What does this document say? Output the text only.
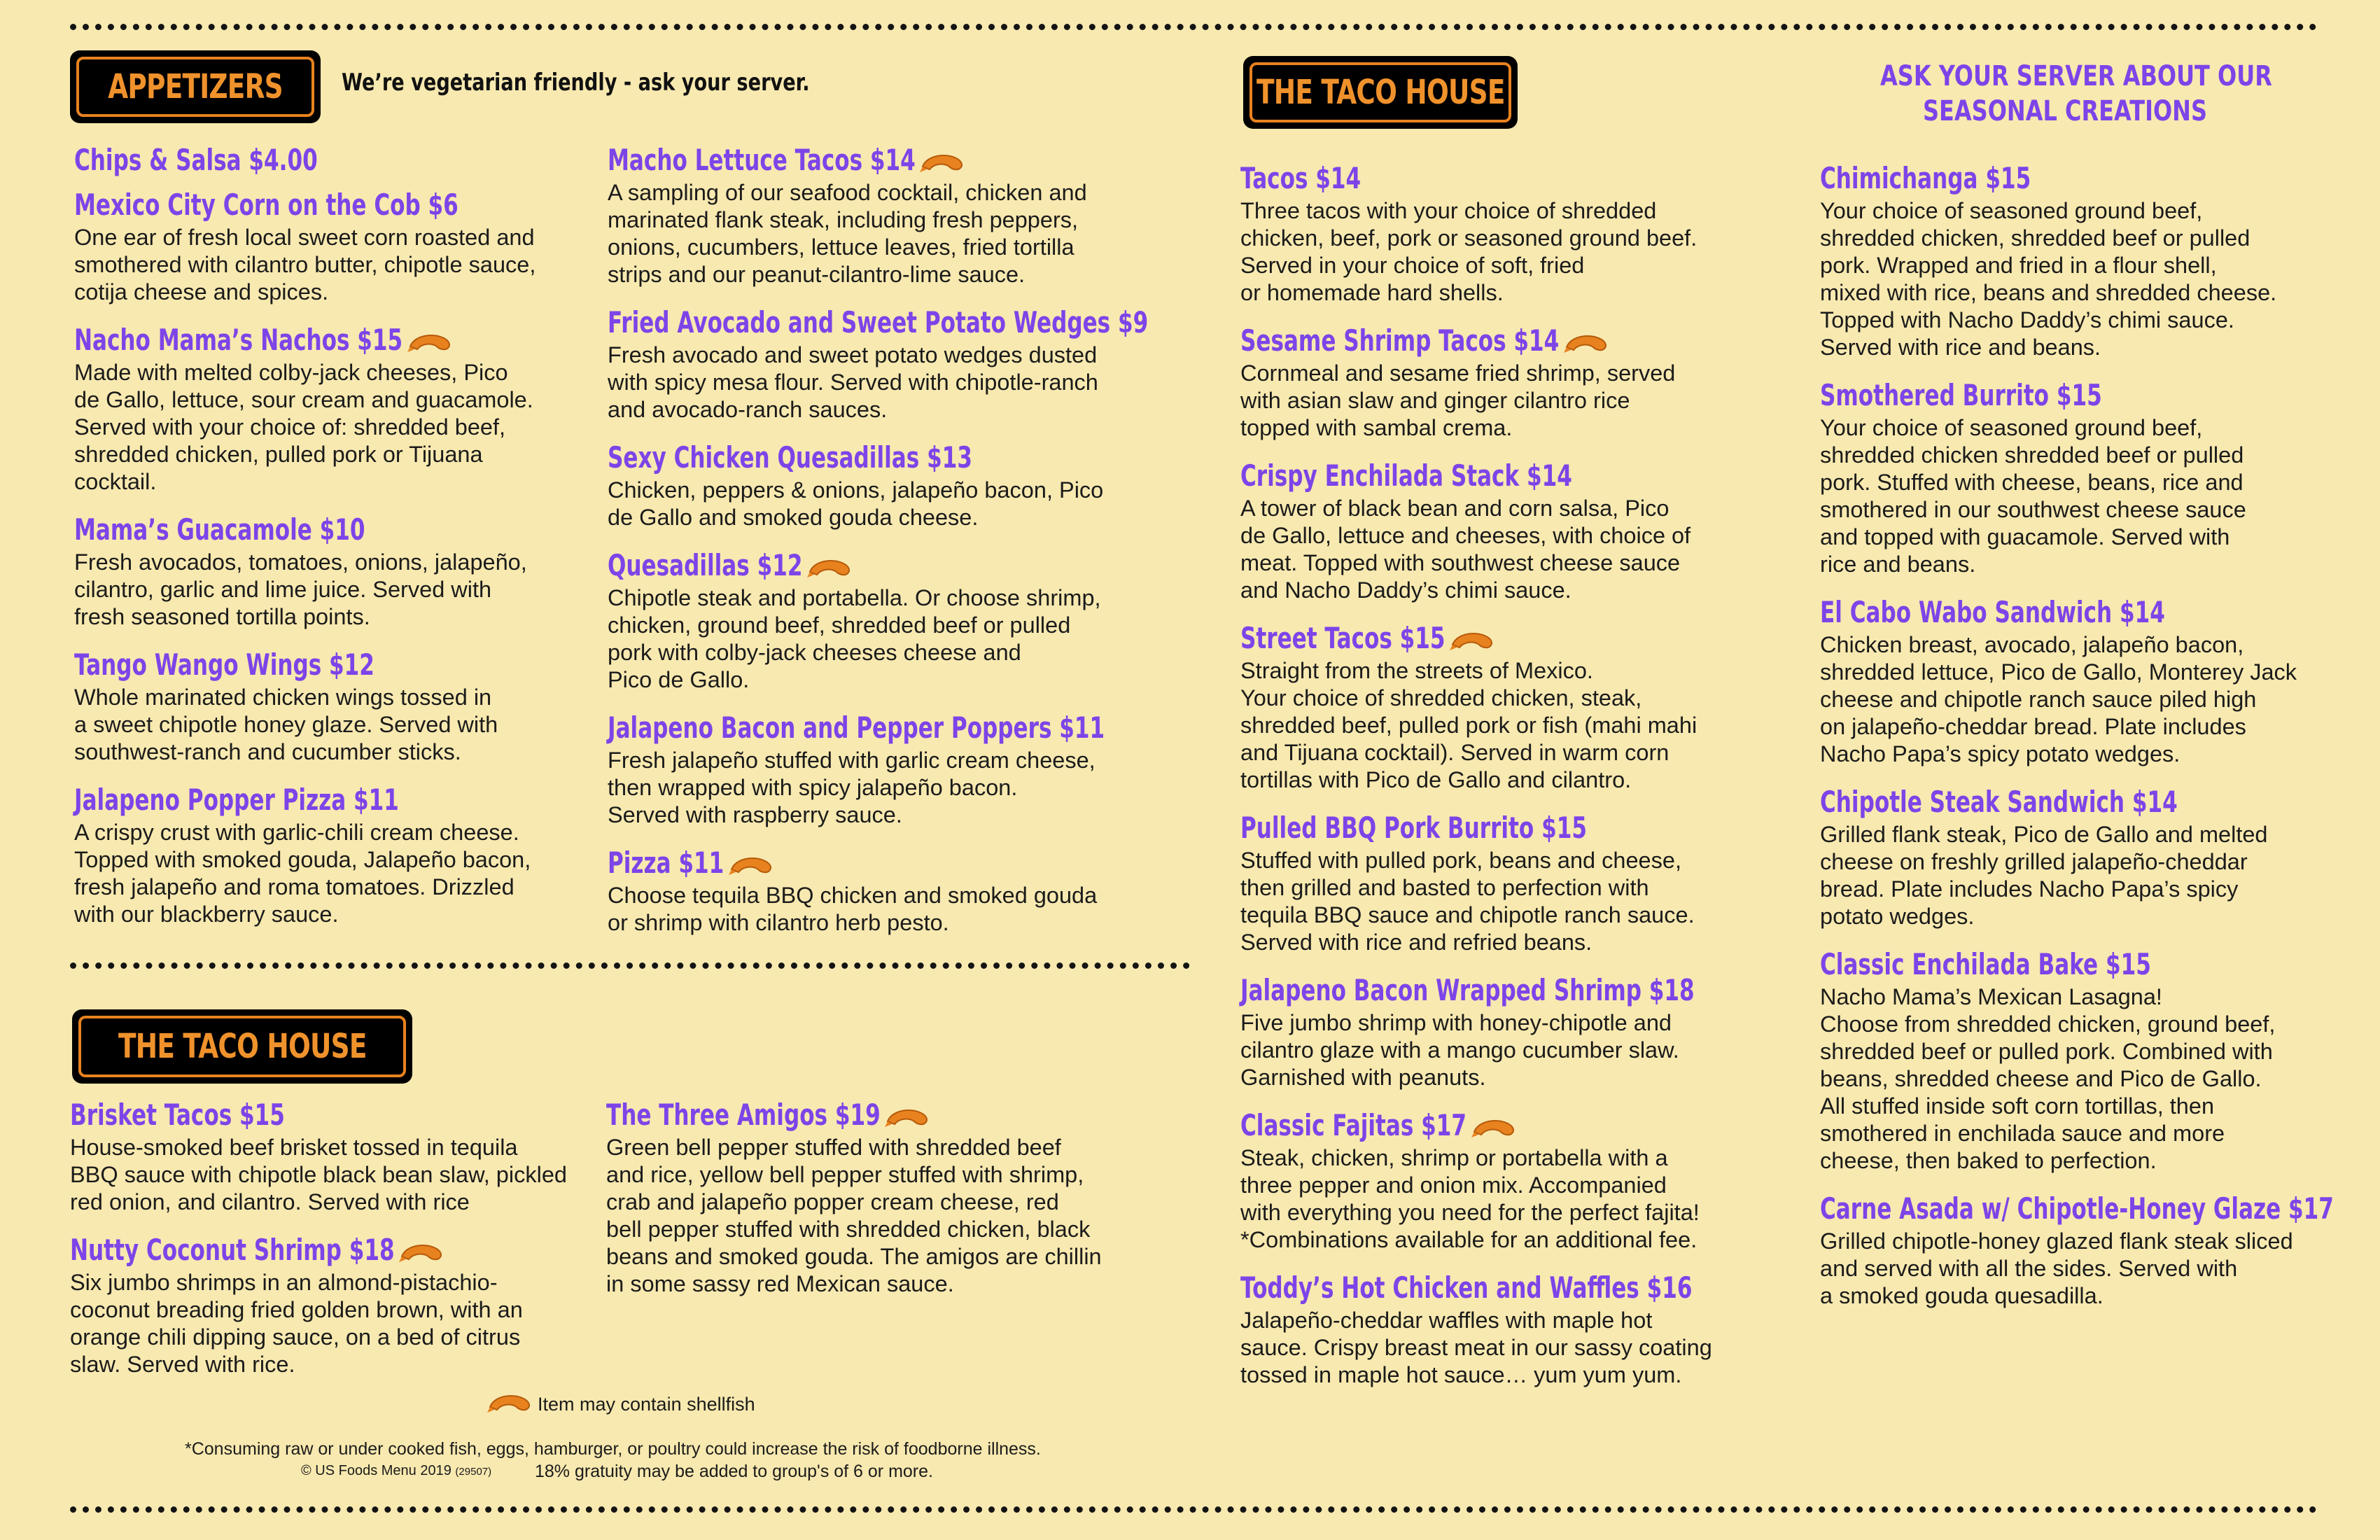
APPETIZERS We’re vegetarian friendly - ask your server.	THE TACO HOUSE	ASK YOUR SERVER ABOUT OUR
SEASONAL CREATIONS
THE TACO HOUSE
Chips & Salsa $4.00
Mexico City Corn on the Cob $6
One ear of fresh local sweet corn roasted and
smothered with cilantro butter, chipotle sauce,
cotija cheese and spices.
Nacho Mama’s Nachos $15
Made with melted colby-jack cheeses, Pico
de Gallo, lettuce, sour cream and guacamole.
Served with your choice of: shredded beef,
shredded chicken, pulled pork or Tijuana
cocktail.
Mama’s Guacamole $10
Fresh avocados, tomatoes, onions, jalapeño,
cilantro, garlic and lime juice. Served with
fresh seasoned tortilla points.
Tango Wango Wings $12
Whole marinated chicken wings tossed in
a sweet chipotle honey glaze. Served with
southwest-ranch and cucumber sticks.
Jalapeno Popper Pizza $11
A crispy crust with garlic-chili cream cheese.
Topped with smoked gouda, Jalapeño bacon,
fresh jalapeño and roma tomatoes. Drizzled
with our blackberry sauce.
Macho Lettuce Tacos $14
A sampling of our seafood cocktail, chicken and
marinated flank steak, including fresh peppers,
onions, cucumbers, lettuce leaves, fried tortilla
strips and our peanut-cilantro-lime sauce.
Fried Avocado and Sweet Potato Wedges $9
Fresh avocado and sweet potato wedges dusted
with spicy mesa flour. Served with chipotle-ranch
and avocado-ranch sauces.
Sexy Chicken Quesadillas $13
Chicken, peppers & onions, jalapeño bacon, Pico
de Gallo and smoked gouda cheese.
Quesadillas $12
Chipotle steak and portabella. Or choose shrimp,
chicken, ground beef, shredded beef or pulled
pork with colby-jack cheeses cheese and
Pico de Gallo.
Jalapeno Bacon and Pepper Poppers $11
Fresh jalapeño stuffed with garlic cream cheese,
then wrapped with spicy jalapeño bacon.
Served with raspberry sauce.
Pizza $11
Choose tequila BBQ chicken and smoked gouda
or shrimp with cilantro herb pesto.
Brisket Tacos $15
House-smoked beef brisket tossed in tequila
BBQ sauce with chipotle black bean slaw, pickled
red onion, and cilantro. Served with rice
Nutty Coconut Shrimp $18
Six jumbo shrimps in an almond-pistachio-
coconut breading fried golden brown, with an
orange chili dipping sauce, on a bed of citrus
slaw. Served with rice.
The Three Amigos $19
Green bell pepper stuffed with shredded beef
and rice, yellow bell pepper stuffed with shrimp,
crab and jalapeño popper cream cheese, red
bell pepper stuffed with shredded chicken, black
beans and smoked gouda. The amigos are chillin
in some sassy red Mexican sauce.
Tacos $14
Three tacos with your choice of shredded
chicken, beef, pork or seasoned ground beef.
Served in your choice of soft, fried
or homemade hard shells.
Sesame Shrimp Tacos $14
Cornmeal and sesame fried shrimp, served
with asian slaw and ginger cilantro rice
topped with sambal crema.
Crispy Enchilada Stack $14
A tower of black bean and corn salsa, Pico
de Gallo, lettuce and cheeses, with choice of
meat. Topped with southwest cheese sauce
and Nacho Daddy’s chimi sauce.
Street Tacos $15
Straight from the streets of Mexico.
Your choice of shredded chicken, steak,
shredded beef, pulled pork or fish (mahi mahi
and Tijuana cocktail). Served in warm corn
tortillas with Pico de Gallo and cilantro.
Pulled BBQ Pork Burrito $15
Stuffed with pulled pork, beans and cheese,
then grilled and basted to perfection with
tequila BBQ sauce and chipotle ranch sauce.
Served with rice and refried beans.
Jalapeno Bacon Wrapped Shrimp $18
Five jumbo shrimp with honey-chipotle and
cilantro glaze with a mango cucumber slaw.
Garnished with peanuts.
Classic Fajitas $17
Steak, chicken, shrimp or portabella with a
three pepper and onion mix. Accompanied
with everything you need for the perfect fajita!
*Combinations available for an additional fee.
Toddy’s Hot Chicken and Waffles $16
Jalapeño-cheddar waffles with maple hot
sauce. Crispy breast meat in our sassy coating
tossed in maple hot sauce… yum yum yum.
Chimichanga $15
Your choice of seasoned ground beef,
shredded chicken, shredded beef or pulled
pork. Wrapped and fried in a flour shell,
mixed with rice, beans and shredded cheese.
Topped with Nacho Daddy’s chimi sauce.
Served with rice and beans.
Smothered Burrito $15
Your choice of seasoned ground beef,
shredded chicken shredded beef or pulled
pork. Stuffed with cheese, beans, rice and
smothered in our southwest cheese sauce
and topped with guacamole. Served with
rice and beans.
El Cabo Wabo Sandwich $14
Chicken breast, avocado, jalapeño bacon,
shredded lettuce, Pico de Gallo, Monterey Jack
cheese and chipotle ranch sauce piled high
on jalapeño-cheddar bread. Plate includes
Nacho Papa’s spicy potato wedges.
Chipotle Steak Sandwich $14
Grilled flank steak, Pico de Gallo and melted
cheese on freshly grilled jalapeño-cheddar
bread. Plate includes Nacho Papa’s spicy
potato wedges.
Classic Enchilada Bake $15
Nacho Mama’s Mexican Lasagna!
Choose from shredded chicken, ground beef,
shredded beef or pulled pork. Combined with
beans, shredded cheese and Pico de Gallo.
All stuffed inside soft corn tortillas, then
smothered in enchilada sauce and more
cheese, then baked to perfection.
Carne Asada w/ Chipotle-Honey Glaze $17
Grilled chipotle-honey glazed flank steak sliced
and served with all the sides. Served with
a smoked gouda quesadilla.
Item may contain shellfish
*Consuming raw or under cooked fish, eggs, hamburger, or poultry could increase the risk of foodborne illness.
© US Foods Menu 2019 (29507) 18% gratuity may be added to group's of 6 or more.
